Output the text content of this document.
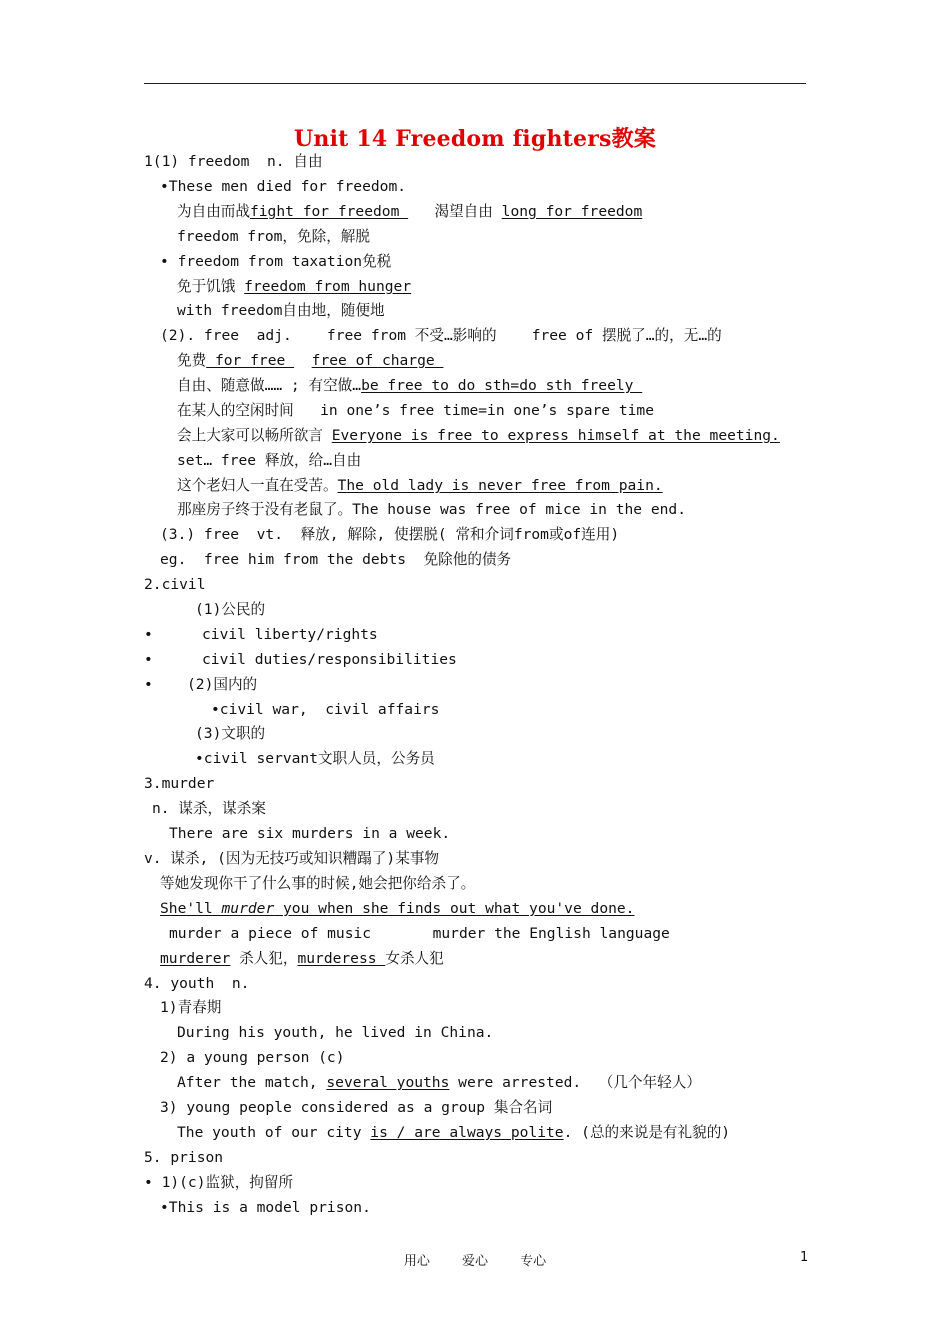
Unit 14 Freedom fighters教案
1(1) freedom  n. 自由
•These men died for freedom.
为自由而战fight for freedom    渴望自由 long for freedom
freedom from，免除，解脱
• freedom from taxation免税
免于饥饿 freedom from hunger
with freedom自由地，随便地
(2). free  adj.    free from 不受…影响的    free of 摆脱了…的，无…的
免费 for free   free of charge
自由、随意做…… ; 有空做…be free to do sth=do sth freely
在某人的空闲时间   in one’s free time=in one’s spare time
会上大家可以畅所欲言 Everyone is free to express himself at the meeting.
set… free 释放，给…自由
这个老妇人一直在受苦。The old lady is never free from pain.
那座房子终于没有老鼠了。The house was free of mice in the end.
(3.) free  vt.  释放, 解除, 使摆脱( 常和介词from或of连用)
eg.  free him from the debts  免除他的债务
2.civil
(1)公民的
•	civil liberty/rights
•	civil duties/responsibilities
• (2)国内的
•civil war,  civil affairs
(3)文职的
•civil servant文职人员，公务员
3.murder
n. 谋杀，谋杀案
There are six murders in a week.
v. 谋杀, (因为无技巧或知识糟蹋了)某事物
等她发现你干了什么事的时候,她会把你给杀了。
She'll murder you when she finds out what you've done.
murder a piece of music       murder the English language
murderer 杀人犯，murderess 女杀人犯
4. youth  n.
1)青春期
During his youth, he lived in China.
2) a young person (c)
After the match, several youths were arrested.  （几个年轻人）
3) young people considered as a group 集合名词
The youth of our city is / are always polite. (总的来说是有礼貌的)
5. prison
• 1)(c)监狱，拘留所
•This is a model prison.
用心 爱心 专心	1
